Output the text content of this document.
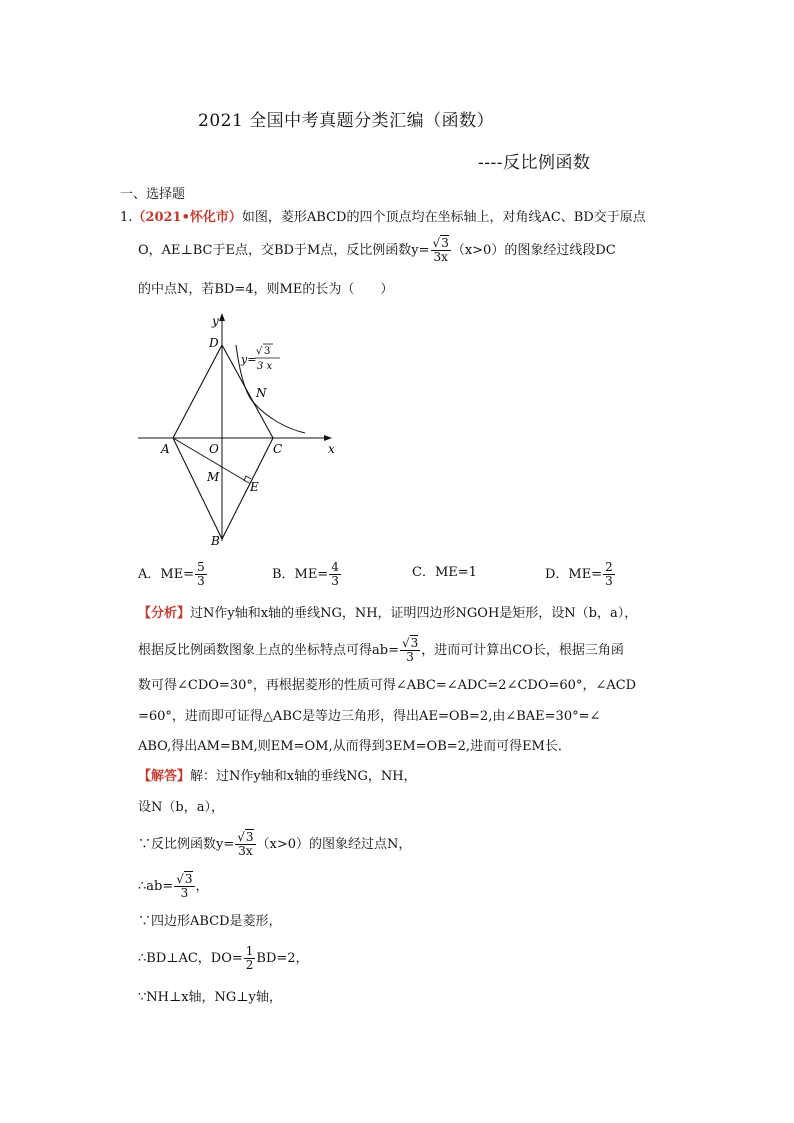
2021 全国中考真题分类汇编（函数）
----反比例函数
一、选择题
1.（2021•怀化市）如图，菱形ABCD的四个顶点均在坐标轴上，对角线AC、BD交于原点
O，AE⊥BC于E点，交BD于M点，反比例函数$y= \frac{√3}{3x} (x>0)$的图象经过线段DC
的中点N，若BD=4，则ME的长为（　　）
y
x
D
N
A	O	C
M
E
B
y=
√ 3
3 x
A．$ME= \frac{5}{3}$	B．$ME= \frac{4}{3}$	C．ME=1	D．$ME= \frac{2}{3}$
【分析】过N作y轴和x轴的垂线NG，NH，证明四边形NGOH是矩形，设N（b，a），
根据反比例函数图象上点的坐标特点可得$ab= \frac{√3}{3}$ ，进而可计算出CO长，根据三角函
数可得∠CDO=30°，再根据菱形的性质可得∠ABC=∠ADC=2∠CDO=60°，∠ACD
=60°，进而即可证得△ABC是等边三角形，得出AE=OB=2,由∠BAE=30°=∠
ABO,得出AM=BM,则EM=OM,从而得到3EM=OB=2,进而可得EM长．
【解答】解：过N作y轴和x轴的垂线NG，NH，
设N（b，a），
∵反比例函数$y= \frac{√3}{3x} (x>0)$的图象经过点N，
∴ab= $\frac{√3}{3}$ ，
∵四边形ABCD是菱形，
∴BD⊥AC，$DO= \frac{1}{2} BD=2$，
∵NH⊥x轴，NG⊥y轴，
